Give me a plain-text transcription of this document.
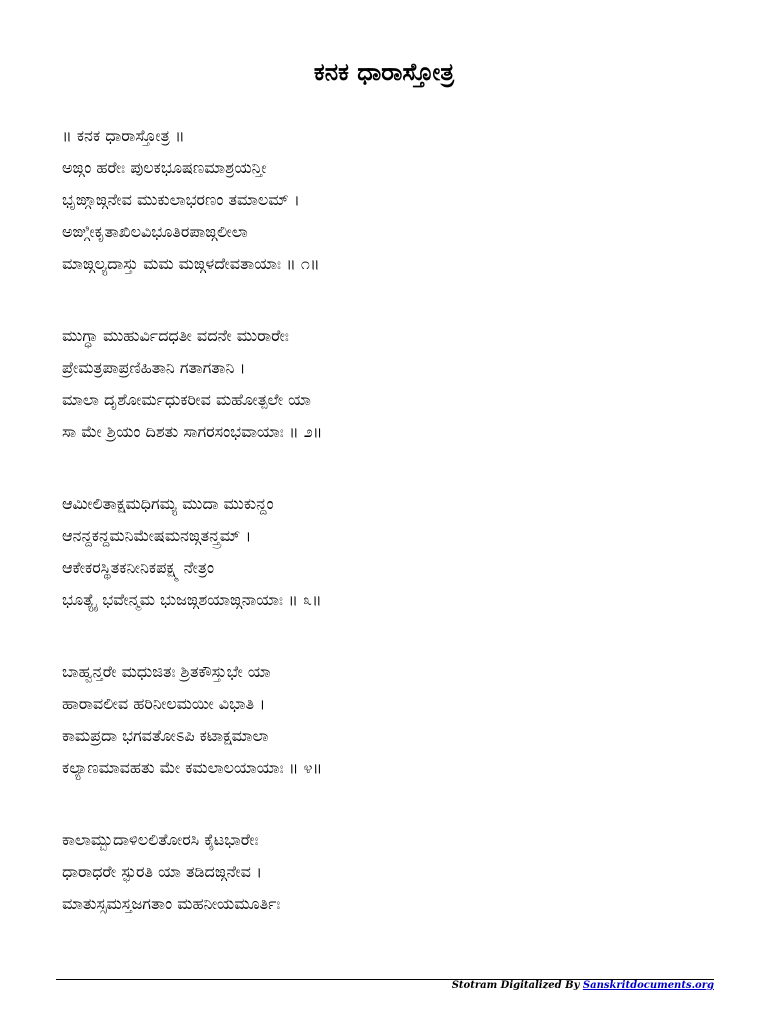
ಕನಕ ಧಾರಾಸ್ತೋತ್ರ
॥ ಕನಕ ಧಾರಾಸ್ತೋತ್ರ ॥
ಅಙ್ಗಂ ಹರೇಃ ಪುಲಕಭೂಷಣಮಾಶ್ರಯನ್ತೀ
ಭೃಙ್ಗಾಙ್ಗನೇವ ಮುಕುಲಾಭರಣಂ ತಮಾಲಮ್ ।
ಅಙ್ಗೀಕೃತಾಖಿಲವಿಭೂತಿರಪಾಙ್ಗಲೀಲಾ
ಮಾಙ್ಗಲ್ಯದಾಸ್ತು ಮಮ ಮಙ್ಗಳದೇವತಾಯಾಃ ॥ ೧॥
ಮುಗ್ಧಾ ಮುಹುರ್ವಿದಧತೀ ವದನೇ ಮುರಾರೇಃ
ಪ್ರೇಮತ್ರಪಾಪ್ರಣಿಹಿತಾನಿ ಗತಾಗತಾನಿ ।
ಮಾಲಾ ದೃಶೋರ್ಮಧುಕರೀವ ಮಹೋತ್ಪಲೇ ಯಾ
ಸಾ ಮೇ ಶ್ರಿಯಂ ದಿಶತು ಸಾಗರಸಂಭವಾಯಾಃ ॥ ೨॥
ಆಮೀಲಿತಾಕ್ಷಮಧಿಗಮ್ಯ ಮುದಾ ಮುಕುನ್ದಂ
ಆನನ್ದಕನ್ದಮನಿಮೇಷಮನಙ್ಗತನ್ತ್ರಮ್ ।
ಆಕೇಕರಸ್ಥಿತಕನೀನಿಕಪಕ್ಷ್ಮ ನೇತ್ರಂ
ಭೂತ್ಯೈ ಭವೇನ್ಮಮ ಭುಜಙ್ಗಶಯಾಙ್ಗನಾಯಾಃ ॥ ೩॥
ಬಾಹ್ವನ್ತರೇ ಮಧುಜಿತಃ ಶ್ರಿತಕೌಸ್ತುಭೇ ಯಾ
ಹಾರಾವಲೀವ ಹರಿನೀಲಮಯೀ ವಿಭಾತಿ ।
ಕಾಮಪ್ರದಾ ಭಗವತೋಽಪಿ ಕಟಾಕ್ಷಮಾಲಾ
ಕಲ್ಯಾಣಮಾವಹತು ಮೇ ಕಮಲಾಲಯಾಯಾಃ ॥ ೪॥
ಕಾಲಾಮ್ಬುದಾಳಿಲಲಿತೋರಸಿ ಕೈಟಭಾರೇಃ
ಧಾರಾಧರೇ ಸ್ಫುರತಿ ಯಾ ತಡಿದಙ್ಗನೇವ ।
ಮಾತುಸ್ಸಮಸ್ತಜಗತಾಂ ಮಹನೀಯಮೂರ್ತಿಃ
Stotram Digitalized By Sanskritdocuments.org
